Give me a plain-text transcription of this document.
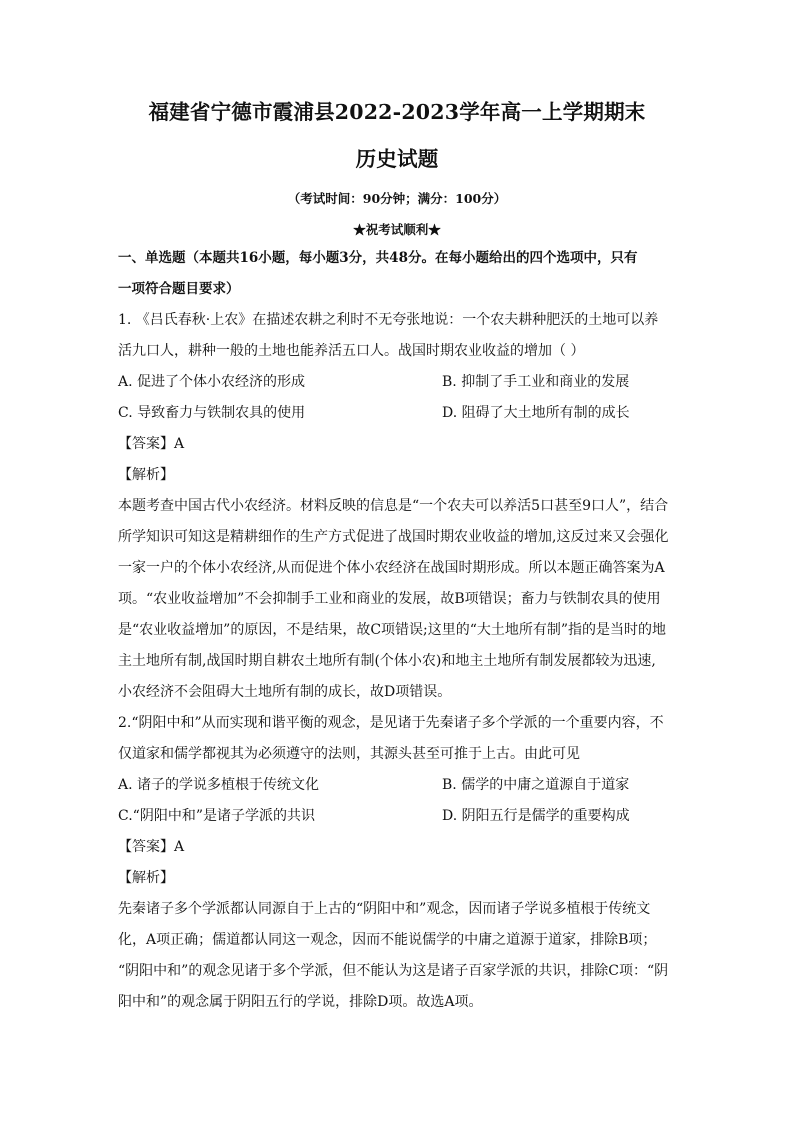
福建省宁德市霞浦县2022-2023学年高一上学期期末
历史试题
（考试时间：90分钟；满分：100分）
★祝考试顺利★
一、单选题（本题共16小题，每小题3分，共48分。在每小题给出的四个选项中，只有
一项符合题目要求）

1. 《吕氏春秋·上农》在描述农耕之利时不无夸张地说：一个农夫耕种肥沃的土地可以养

活九口人，耕种一般的土地也能养活五口人。战国时期农业收益的增加（ ）

A. 促进了个体小农经济的形成	B. 抑制了手工业和商业的发展
C. 导致畜力与铁制农具的使用	D. 阻碍了大土地所有制的成长
【答案】A
【解析】

本题考查中国古代小农经济。材料反映的信息是“一个农夫可以养活5口甚至9口人”，结合

所学知识可知这是精耕细作的生产方式促进了战国时期农业收益的增加,这反过来又会强化

一家一户的个体小农经济,从而促进个体小农经济在战国时期形成。所以本题正确答案为A

项。“农业收益增加”不会抑制手工业和商业的发展，故B项错误；畜力与铁制农具的使用

是“农业收益增加”的原因，不是结果，故C项错误;这里的“大土地所有制”指的是当时的地

主土地所有制,战国时期自耕农土地所有制(个体小农)和地主土地所有制发展都较为迅速,

小农经济不会阻碍大土地所有制的成长，故D项错误。

2.“阴阳中和”从而实现和谐平衡的观念，是见诸于先秦诸子多个学派的一个重要内容，不

仅道家和儒学都视其为必须遵守的法则，其源头甚至可推于上古。由此可见

A. 诸子的学说多植根于传统文化	B. 儒学的中庸之道源自于道家
C.“阴阳中和”是诸子学派的共识	D. 阴阳五行是儒学的重要构成
【答案】A
【解析】

先秦诸子多个学派都认同源自于上古的“阴阳中和”观念，因而诸子学说多植根于传统文

化，A项正确；儒道都认同这一观念，因而不能说儒学的中庸之道源于道家，排除B项；

“阴阳中和”的观念见诸于多个学派，但不能认为这是诸子百家学派的共识，排除C项：“阴

阳中和”的观念属于阴阳五行的学说，排除D项。故选A项。
